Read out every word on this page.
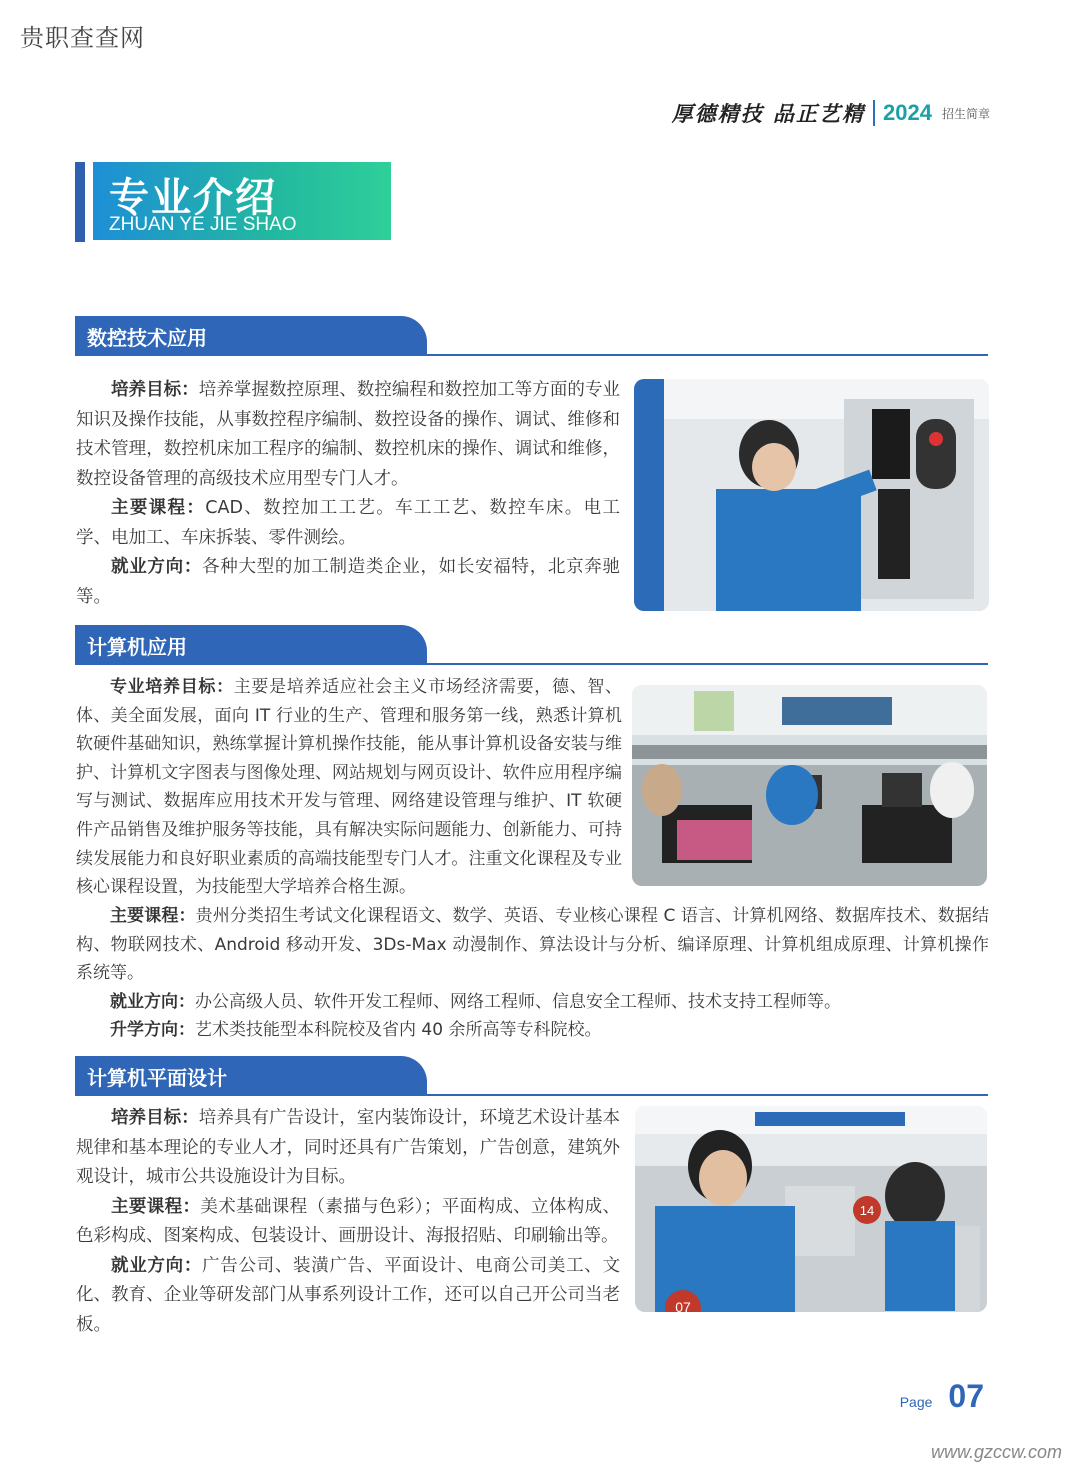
贵职查查网
厚德精技 品正艺精 2024 招生简章
专业介绍
ZHUAN YE JIE SHAO
数控技术应用

培养目标：培养掌握数控原理、数控编程和数控加工等方面的专业知识及操作技能，从事数控程序编制、数控设备的操作、调试、维修和技术管理，数控机床加工程序的编制、数控机床的操作、调试和维修，数控设备管理的高级技术应用型专门人才。

主要课程：CAD、数控加工工艺。车工工艺、数控车床。电工学、电加工、车床拆装、零件测绘。

就业方向：各种大型的加工制造类企业，如长安福特，北京奔驰等。

计算机应用

专业培养目标：主要是培养适应社会主义市场经济需要，德、智、体、美全面发展，面向 IT 行业的生产、管理和服务第一线，熟悉计算机软硬件基础知识，熟练掌握计算机操作技能，能从事计算机设备安装与维护、计算机文字图表与图像处理、网站规划与网页设计、软件应用程序编写与测试、数据库应用技术开发与管理、网络建设管理与维护、IT 软硬件产品销售及维护服务等技能，具有解决实际问题能力、创新能力、可持续发展能力和良好职业素质的高端技能型专门人才。注重文化课程及专业核心课程设置，为技能型大学培养合格生源。

主要课程：贵州分类招生考试文化课程语文、数学、英语、专业核心课程 C 语言、计算机网络、数据库技术、数据结构、物联网技术、Android 移动开发、3Ds-Max 动漫制作、算法设计与分析、编译原理、计算机组成原理、计算机操作系统等。

就业方向：办公高级人员、软件开发工程师、网络工程师、信息安全工程师、技术支持工程师等。

升学方向：艺术类技能型本科院校及省内 40 余所高等专科院校。

计算机平面设计

培养目标：培养具有广告设计，室内装饰设计，环境艺术设计基本规律和基本理论的专业人才，同时还具有广告策划，广告创意，建筑外观设计，城市公共设施设计为目标。

主要课程：美术基础课程（素描与色彩）；平面构成、立体构成、色彩构成、图案构成、包装设计、画册设计、海报招贴、印刷输出等。

就业方向：广告公司、装潢广告、平面设计、电商公司美工、文化、教育、企业等研发部门从事系列设计工作，还可以自己开公司当老板。

14
07
Page 07
www.gzccw.com
